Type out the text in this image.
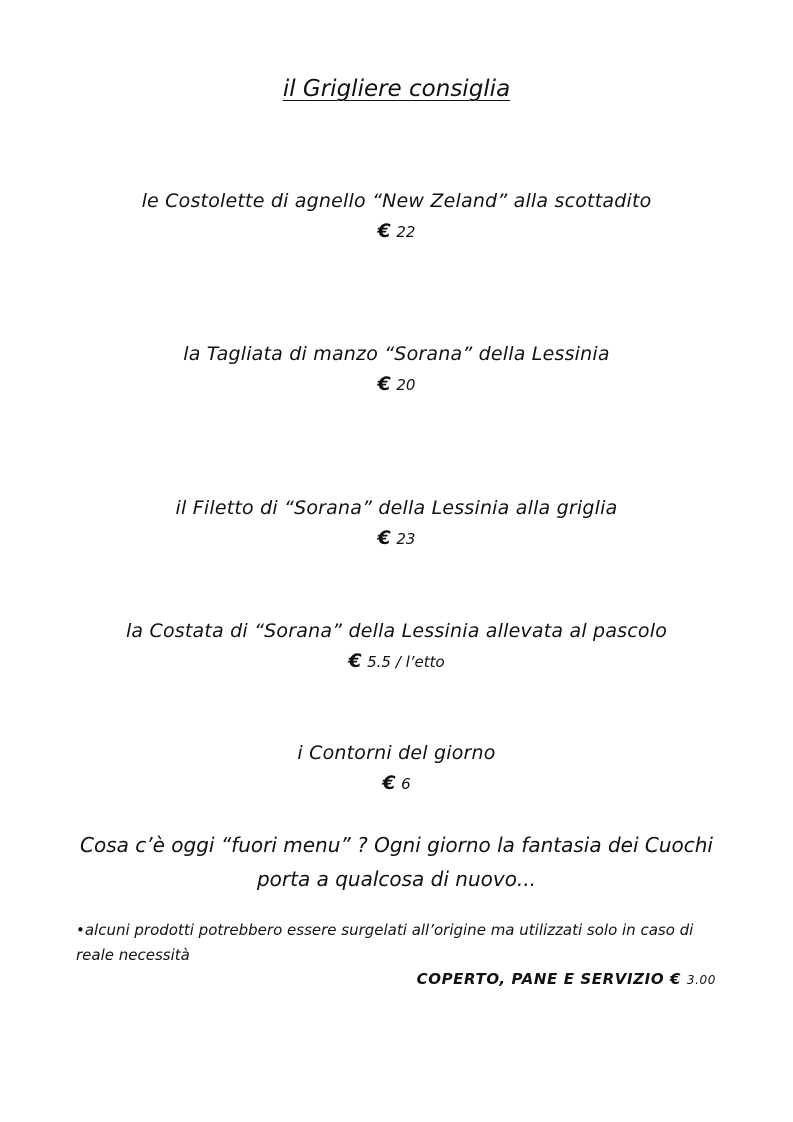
il Grigliere consiglia
le Costolette di agnello “New Zeland” alla scottadito
€ 22
la Tagliata di manzo “Sorana” della Lessinia
€ 20
il Filetto di “Sorana” della Lessinia alla griglia
€ 23
la Costata di “Sorana” della Lessinia allevata al pascolo
€ 5.5 / l’etto
i Contorni del giorno
€ 6
Cosa c’è oggi “fuori menu” ? Ogni giorno la fantasia dei Cuochi
porta a qualcosa di nuovo...
•alcuni prodotti potrebbero essere surgelati all’origine ma utilizzati solo in caso di reale necessità
COPERTO, PANE E SERVIZIO € 3.00
